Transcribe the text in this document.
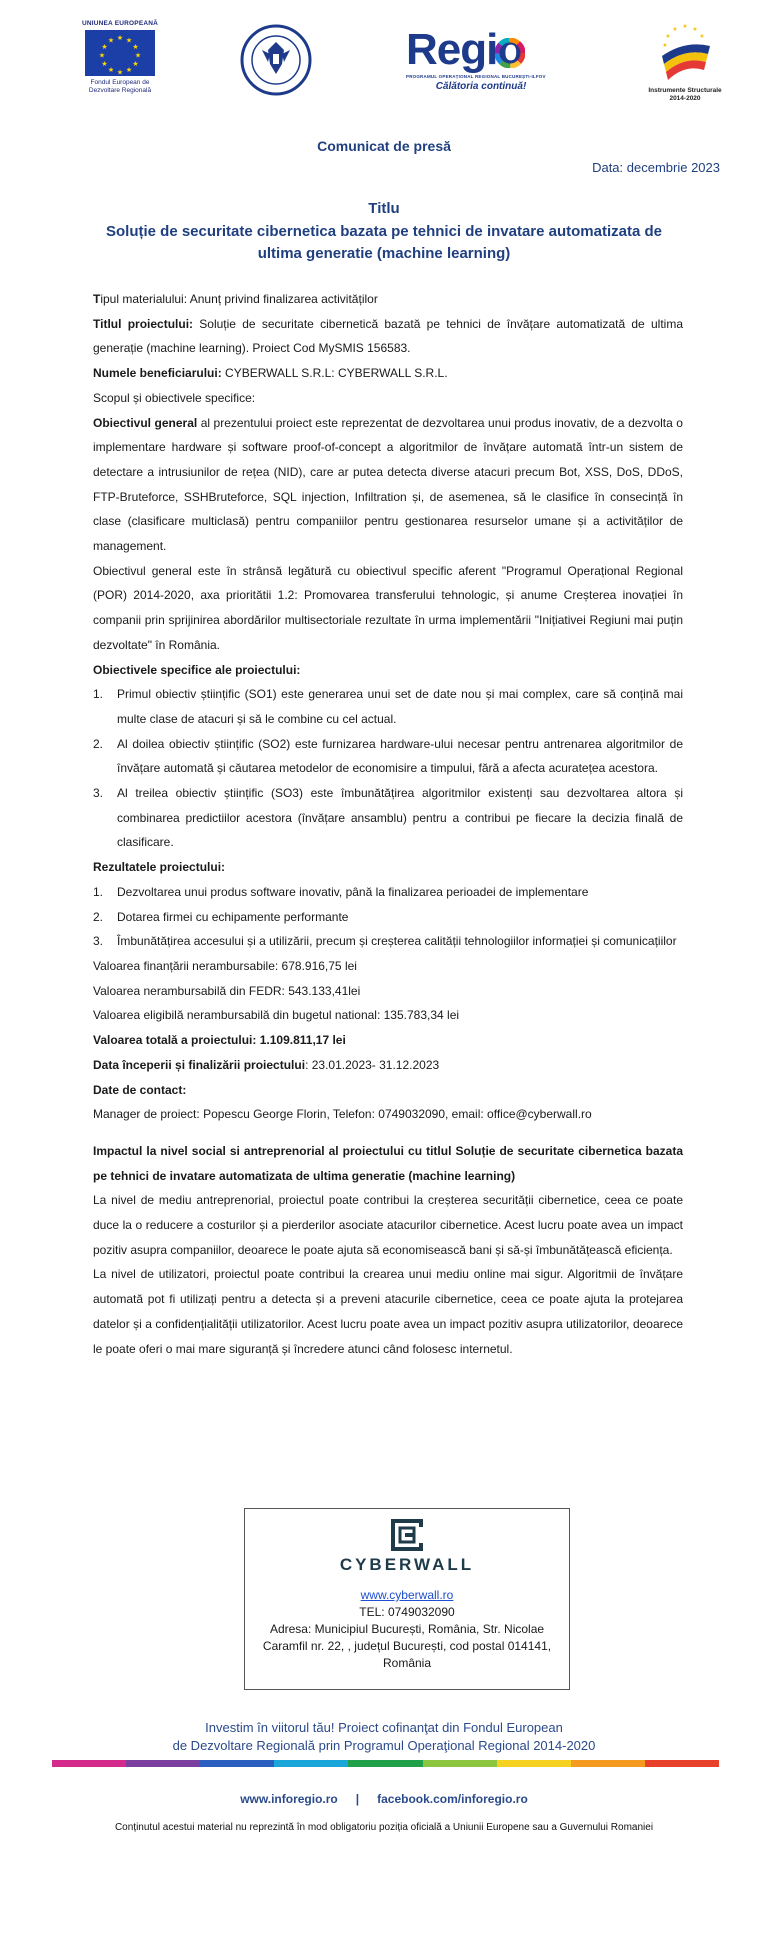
UNIUNEA EUROPEANĂ
★ ★
★
★
★
★
★
★
★
★
★
★
Fondul European de
Dezvoltare Regională
Regio
PROGRAMUL OPERAȚIONAL REGIONAL BUCUREȘTI-ILFOV
Călătoria continuă!
★ ★
★
★
★
★
Instrumente Structurale
2014-2020
Comunicat de presă
Data: decembrie 2023
Titlu
Soluție de securitate cibernetica bazata pe tehnici de invatare automatizata de ultima generatie (machine learning)

Tipul materialului: Anunț privind finalizarea activităților

Titlul proiectului: Soluție de securitate cibernetică bazată pe tehnici de învățare automatizată de ultima generație (machine learning). Proiect Cod MySMIS 156583.

Numele beneficiarului: CYBERWALL S.R.L: CYBERWALL S.R.L.

Scopul și obiectivele specifice:

Obiectivul general al prezentului proiect este reprezentat de dezvoltarea unui produs inovativ, de a dezvolta o implementare hardware și software proof-of-concept a algoritmilor de învățare automată într-un sistem de detectare a intrusiunilor de rețea (NID), care ar putea detecta diverse atacuri precum Bot, XSS, DoS, DDoS, FTP-Bruteforce, SSHBruteforce, SQL injection, Infiltration și, de asemenea, să le clasifice în consecință în clase (clasificare multiclasă) pentru companiilor pentru gestionarea resurselor umane și a activităților de management.

Obiectivul general este în strânsă legătură cu obiectivul specific aferent "Programul Operațional Regional (POR) 2014-2020, axa prioritătii 1.2: Promovarea transferului tehnologic, și anume Creșterea inovației în companii prin sprijinirea abordărilor multisectoriale rezultate în urma implementării "Inițiativei Regiuni mai puțin dezvoltate" în România.

Obiectivele specifice ale proiectului:

1. Primul obiectiv științific (SO1) este generarea unui set de date nou și mai complex, care să conțină mai multe clase de atacuri și să le combine cu cel actual.
2. Al doilea obiectiv științific (SO2) este furnizarea hardware-ului necesar pentru antrenarea algoritmilor de învățare automată și căutarea metodelor de economisire a timpului, fără a afecta acuratețea acestora.
3. Al treilea obiectiv științific (SO3) este îmbunătățirea algoritmilor existenți sau dezvoltarea altora și combinarea predictiilor acestora (învățare ansamblu) pentru a contribui pe fiecare la decizia finală de clasificare.

Rezultatele proiectului:

1. Dezvoltarea unui produs software inovativ, până la finalizarea perioadei de implementare
2. Dotarea firmei cu echipamente performante
3. Îmbunătățirea accesului și a utilizării, precum și creșterea calității tehnologiilor informației și comunicațiilor

Valoarea finanțării nerambursabile: 678.916,75 lei

Valoarea nerambursabilă din FEDR: 543.133,41lei

Valoarea eligibilă nerambursabilă din bugetul national: 135.783,34 lei

Valoarea totală a proiectului: 1.109.811,17 lei

Data începerii și finalizării proiectului: 23.01.2023- 31.12.2023

Date de contact:

Manager de proiect: Popescu George Florin, Telefon: 0749032090, email: office@cyberwall.ro

Impactul la nivel social si antreprenorial al proiectului cu titlul Soluție de securitate cibernetica bazata pe tehnici de invatare automatizata de ultima generatie (machine learning)

La nivel de mediu antreprenorial, proiectul poate contribui la creșterea securității cibernetice, ceea ce poate duce la o reducere a costurilor și a pierderilor asociate atacurilor cibernetice. Acest lucru poate avea un impact pozitiv asupra companiilor, deoarece le poate ajuta să economisească bani și să-și îmbunătățească eficiența.

La nivel de utilizatori, proiectul poate contribui la crearea unui mediu online mai sigur. Algoritmii de învățare automată pot fi utilizați pentru a detecta și a preveni atacurile cibernetice, ceea ce poate ajuta la protejarea datelor și a confidențialității utilizatorilor. Acest lucru poate avea un impact pozitiv asupra utilizatorilor, deoarece le poate oferi o mai mare siguranță și încredere atunci când folosesc internetul.

CYBERWALL
www.cyberwall.ro
TEL: 0749032090
Adresa: Municipiul București, România, Str. Nicolae
Caramfil nr. 22, , județul București, cod postal 014141,
România
Investim în viitorul tău! Proiect cofinanţat din Fondul European
de Dezvoltare Regională prin Programul Operaţional Regional 2014-2020
www.inforegio.ro | facebook.com/inforegio.ro
Conținutul acestui material nu reprezintă în mod obligatoriu poziția oficială a Uniunii Europene sau a Guvernului Romaniei
